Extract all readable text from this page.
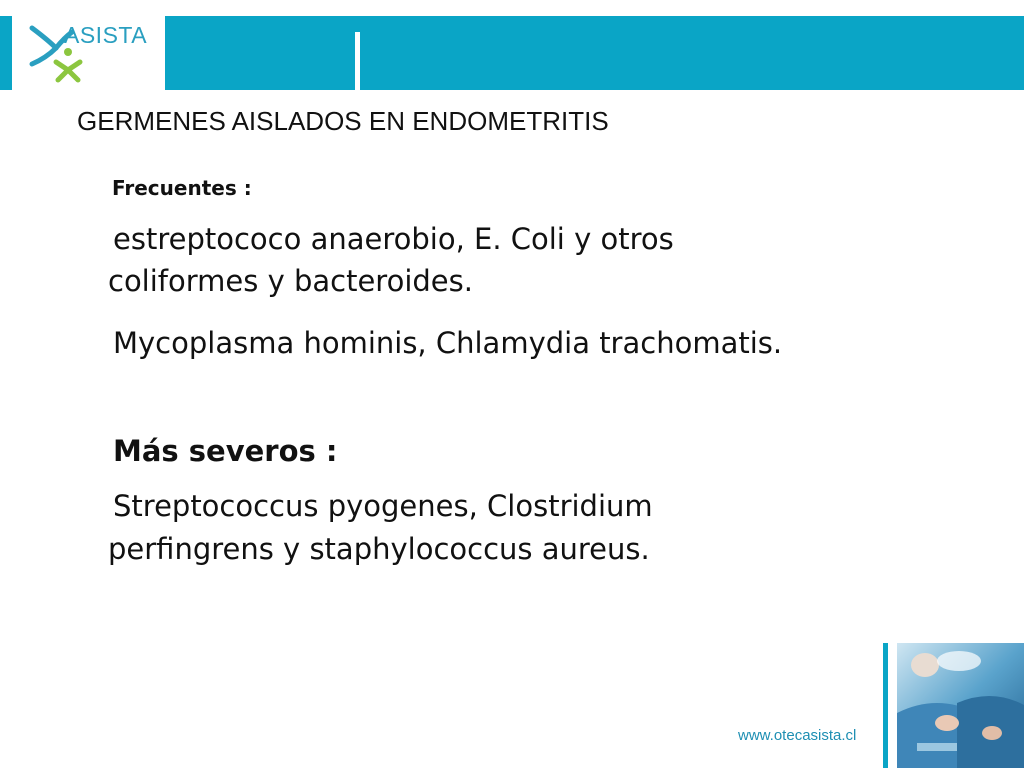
ASISTA
GERMENES AISLADOS EN ENDOMETRITIS
Frecuentes :
estreptococo anaerobio, E. Coli y otros
coliformes y bacteroides.
Mycoplasma hominis, Chlamydia trachomatis.
Más severos :
Streptococcus pyogenes, Clostridium
perfingrens y staphylococcus aureus.
www.otecasista.cl
